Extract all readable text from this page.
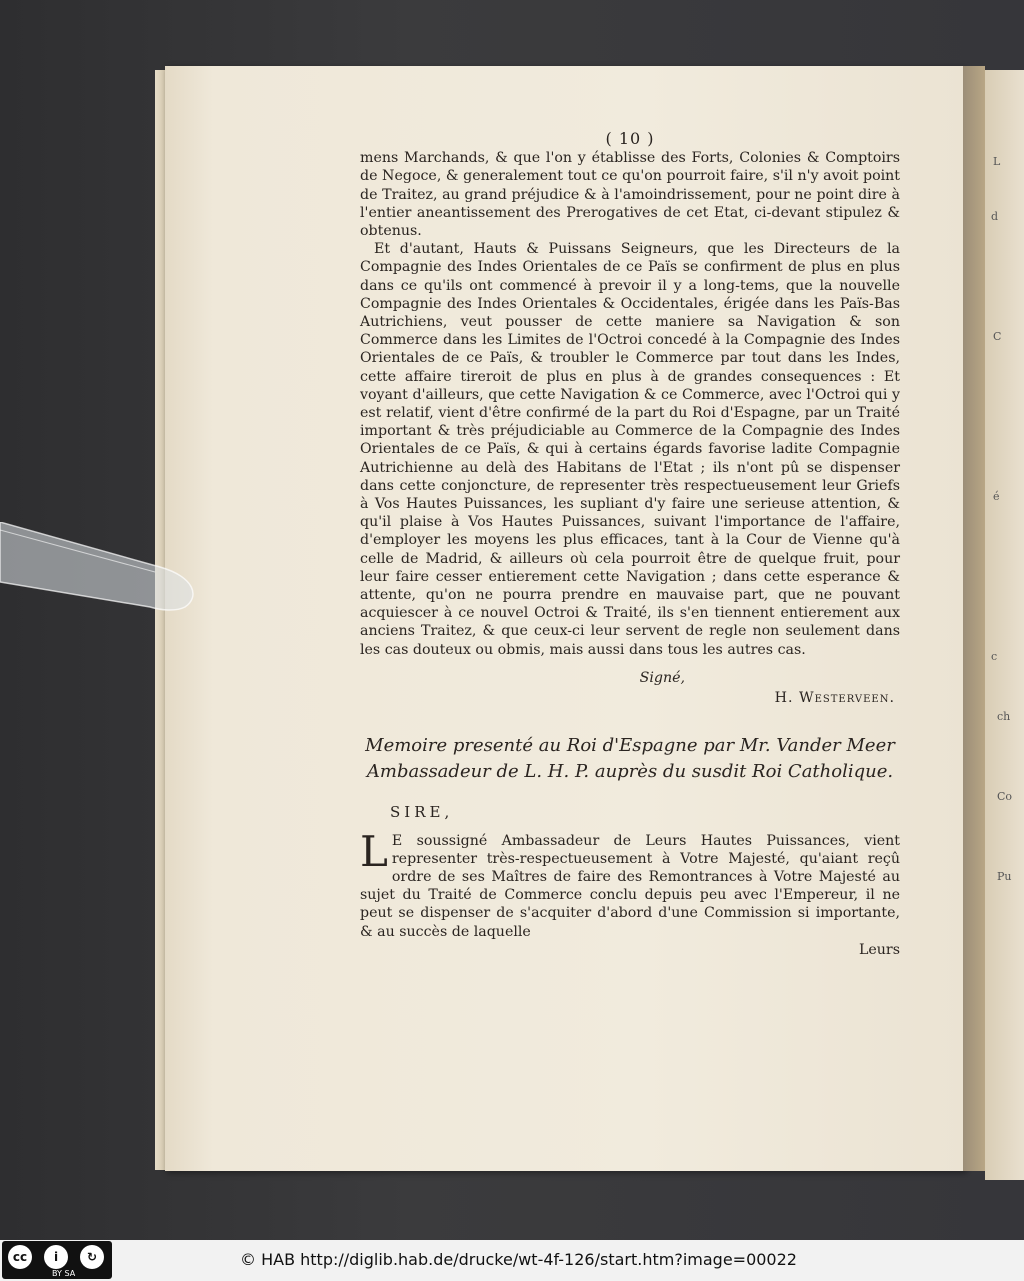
L
d
C
é
c
ch
Co
Pu
( 10 )

mens Marchands, & que l'on y établisse des Forts, Colonies & Comptoirs de Negoce, & generalement tout ce qu'on pourroit faire, s'il n'y avoit point de Traitez, au grand préjudice & à l'amoindrissement, pour ne point dire à l'entier aneantissement des Prerogatives de cet Etat, ci-devant stipulez & obtenus.

Et d'autant, Hauts & Puissans Seigneurs, que les Directeurs de la Compagnie des Indes Orientales de ce Païs se confirment de plus en plus dans ce qu'ils ont commencé à prevoir il y a long-tems, que la nouvelle Compagnie des Indes Orientales & Occidentales, érigée dans les Païs-Bas Autrichiens, veut pousser de cette maniere sa Navigation & son Commerce dans les Limites de l'Octroi concedé à la Compagnie des Indes Orientales de ce Païs, & troubler le Commerce par tout dans les Indes, cette affaire tireroit de plus en plus à de grandes consequences : Et voyant d'ailleurs, que cette Navigation & ce Commerce, avec l'Octroi qui y est relatif, vient d'être confirmé de la part du Roi d'Espagne, par un Traité important & très préjudiciable au Commerce de la Compagnie des Indes Orientales de ce Païs, & qui à certains égards favorise ladite Compagnie Autrichienne au delà des Habitans de l'Etat ; ils n'ont pû se dispenser dans cette conjoncture, de representer très respectueusement leur Griefs à Vos Hautes Puissances, les supliant d'y faire une serieuse attention, & qu'il plaise à Vos Hautes Puissances, suivant l'importance de l'affaire, d'employer les moyens les plus efficaces, tant à la Cour de Vienne qu'à celle de Madrid, & ailleurs où cela pourroit être de quelque fruit, pour leur faire cesser entierement cette Navigation ; dans cette esperance & attente, qu'on ne pourra prendre en mauvaise part, que ne pouvant acquiescer à ce nouvel Octroi & Traité, ils s'en tiennent entierement aux anciens Traitez, & que ceux-ci leur servent de regle non seulement dans les cas douteux ou obmis, mais aussi dans tous les autres cas.

Signé,
H. Westerveen.
Memoire presenté au Roi d'Espagne par Mr. Vander Meer
Ambassadeur de L. H. P. auprès du susdit Roi Catholique.
SIRE,
L E soussigné Ambassadeur de Leurs Hautes Puissances, vient representer très-respectueusement à Votre Majesté, qu'aiant reçû ordre de ses Maîtres de faire des Remontrances à Votre Majesté au sujet du Traité de Commerce conclu depuis peu avec l'Empereur, il ne peut se dispenser de s'acquiter d'abord d'une Commission si importante, & au succès de laquelle
Leurs
cc	i	↻
BY SA
© HAB http://diglib.hab.de/drucke/wt-4f-126/start.htm?image=00022
